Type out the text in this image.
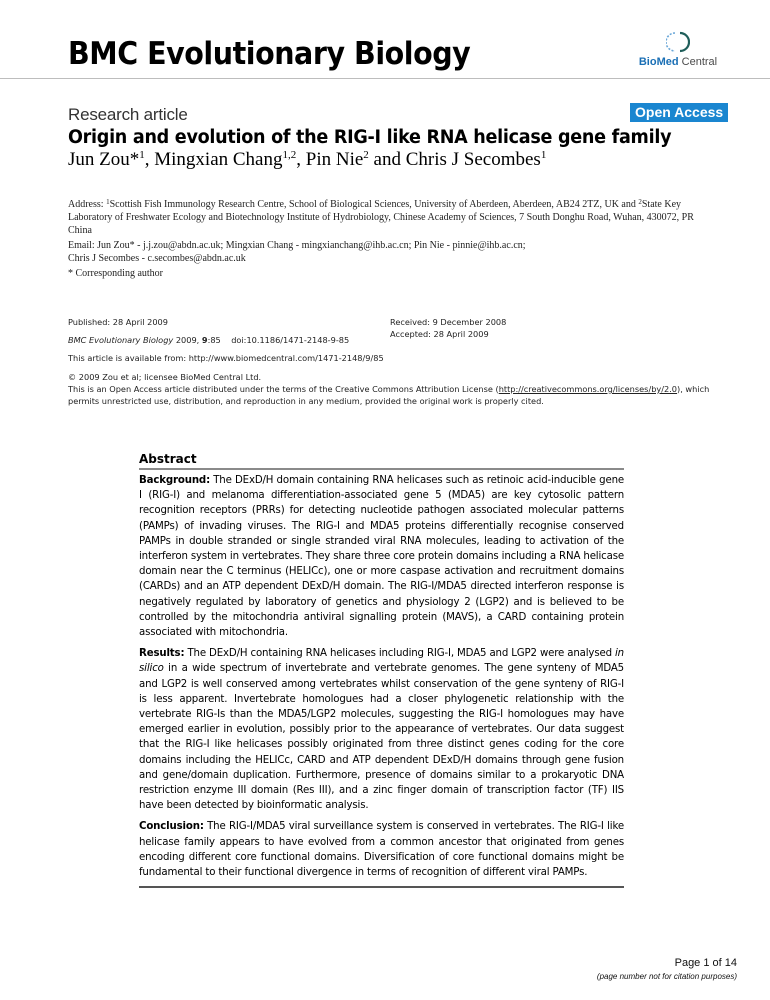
BMC Evolutionary Biology	BioMed Central
Research article	Open Access
Origin and evolution of the RIG-I like RNA helicase gene family
Jun Zou*$^1$, Mingxian Chang$^{1,2}$, Pin Nie$^2$ and Chris J Secombes$^1$
Address: $^1$Scottish Fish Immunology Research Centre, School of Biological Sciences, University of Aberdeen, Aberdeen, AB24 2TZ, UK and $^2$State Key Laboratory of Freshwater Ecology and Biotechnology Institute of Hydrobiology, Chinese Academy of Sciences, 7 South Donghu Road, Wuhan, 430072, PR China
Email: Jun Zou* - j.j.zou@abdn.ac.uk; Mingxian Chang - mingxianchang@ihb.ac.cn; Pin Nie - pinnie@ihb.ac.cn;
Chris J Secombes - c.secombes@abdn.ac.uk
* Corresponding author
Published: 28 April 2009	Received: 9 December 2008
Accepted: 28 April 2009
BMC Evolutionary Biology 2009, 9:85 doi:10.1186/1471-2148-9-85
This article is available from: http://www.biomedcentral.com/1471-2148/9/85
© 2009 Zou et al; licensee BioMed Central Ltd.
This is an Open Access article distributed under the terms of the Creative Commons Attribution License (http://creativecommons.org/licenses/by/2.0), which permits unrestricted use, distribution, and reproduction in any medium, provided the original work is properly cited.
Abstract

Background: The DExD/H domain containing RNA helicases such as retinoic acid-inducible gene I (RIG-I) and melanoma differentiation-associated gene 5 (MDA5) are key cytosolic pattern recognition receptors (PRRs) for detecting nucleotide pathogen associated molecular patterns (PAMPs) of invading viruses. The RIG-I and MDA5 proteins differentially recognise conserved PAMPs in double stranded or single stranded viral RNA molecules, leading to activation of the interferon system in vertebrates. They share three core protein domains including a RNA helicase domain near the C terminus (HELICc), one or more caspase activation and recruitment domains (CARDs) and an ATP dependent DExD/H domain. The RIG-I/MDA5 directed interferon response is negatively regulated by laboratory of genetics and physiology 2 (LGP2) and is believed to be controlled by the mitochondria antiviral signalling protein (MAVS), a CARD containing protein associated with mitochondria.

Results: The DExD/H containing RNA helicases including RIG-I, MDA5 and LGP2 were analysed in silico in a wide spectrum of invertebrate and vertebrate genomes. The gene synteny of MDA5 and LGP2 is well conserved among vertebrates whilst conservation of the gene synteny of RIG-I is less apparent. Invertebrate homologues had a closer phylogenetic relationship with the vertebrate RIG-Is than the MDA5/LGP2 molecules, suggesting the RIG-I homologues may have emerged earlier in evolution, possibly prior to the appearance of vertebrates. Our data suggest that the RIG-I like helicases possibly originated from three distinct genes coding for the core domains including the HELICc, CARD and ATP dependent DExD/H domains through gene fusion and gene/domain duplication. Furthermore, presence of domains similar to a prokaryotic DNA restriction enzyme III domain (Res III), and a zinc finger domain of transcription factor (TF) IIS have been detected by bioinformatic analysis.

Conclusion: The RIG-I/MDA5 viral surveillance system is conserved in vertebrates. The RIG-I like helicase family appears to have evolved from a common ancestor that originated from genes encoding different core functional domains. Diversification of core functional domains might be fundamental to their functional divergence in terms of recognition of different viral PAMPs.

Page 1 of 14
(page number not for citation purposes)
